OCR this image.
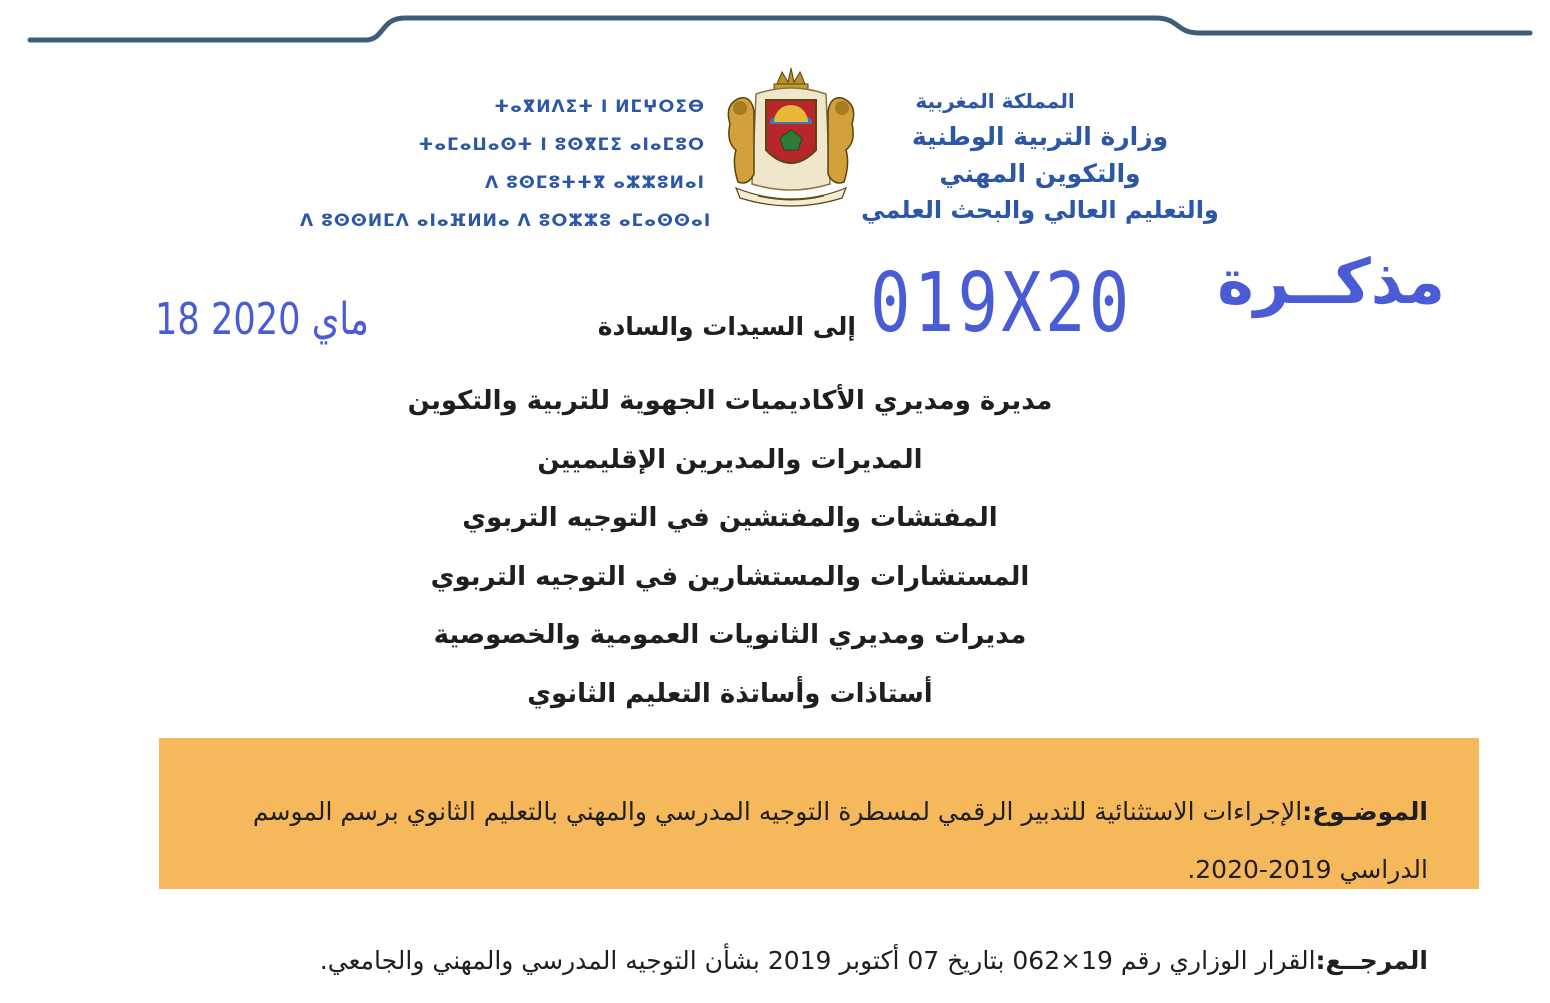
ⵜⴰⴳⵍⴷⵉⵜ ⵏ ⵍⵎⵖⵔⵉⴱ
ⵜⴰⵎⴰⵡⴰⵙⵜ ⵏ ⵓⵙⴳⵎⵉ ⴰⵏⴰⵎⵓⵔ
ⴷ ⵓⵙⵎⵓⵜⵜⴳ ⴰⵣⵣⵓⵍⴰⵏ
ⴷ ⵓⵙⵙⵍⵎⴷ ⴰⵏⴰⴼⵍⵍⴰ ⴷ ⵓⵔⵣⵣⵓ ⴰⵎⴰⵙⵙⴰⵏ
المملكة المغربية
وزارة التربية الوطنية
والتكوين المهني
والتعليم العالي والبحث العلمي
مذكــرة
019X20
18 ماي 2020	إلى السيدات والسادة
مديرة ومديري الأكاديميات الجهوية للتربية والتكوين
المديرات والمديرين الإقليميين
المفتشات والمفتشين في التوجيه التربوي
المستشارات والمستشارين في التوجيه التربوي
مديرات ومديري الثانويات العمومية والخصوصية
أستاذات وأساتذة التعليم الثانوي
الموضـوع:الإجراءات الاستثنائية للتدبير الرقمي لمسطرة التوجيه المدرسي والمهني بالتعليم الثانوي برسم الموسم الدراسي 2019-2020.
المرجــع:القرار الوزاري رقم 19×062 بتاريخ 07 أكتوبر 2019 بشأن التوجيه المدرسي والمهني والجامعي.
